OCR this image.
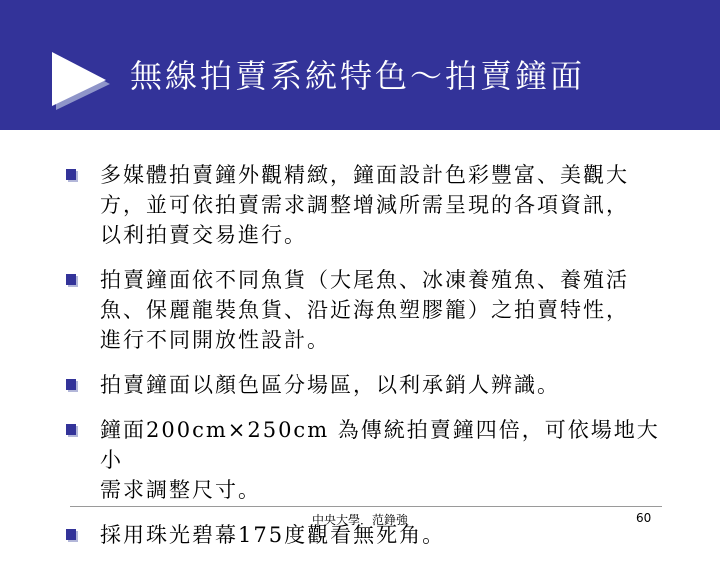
無線拍賣系統特色～拍賣鐘面
多媒體拍賣鐘外觀精緻，鐘面設計色彩豐富、美觀大
方，並可依拍賣需求調整增減所需呈現的各項資訊，
以利拍賣交易進行。
拍賣鐘面依不同魚貨（大尾魚、冰凍養殖魚、養殖活
魚、保麗龍裝魚貨、沿近海魚塑膠籠）之拍賣特性，
進行不同開放性設計。
拍賣鐘面以顏色區分場區，以利承銷人辨識。
鐘面200cm×250cm 為傳統拍賣鐘四倍，可依場地大小
需求調整尺寸。
採用珠光碧幕175度觀看無死角。
中央大學．范錚強	60
